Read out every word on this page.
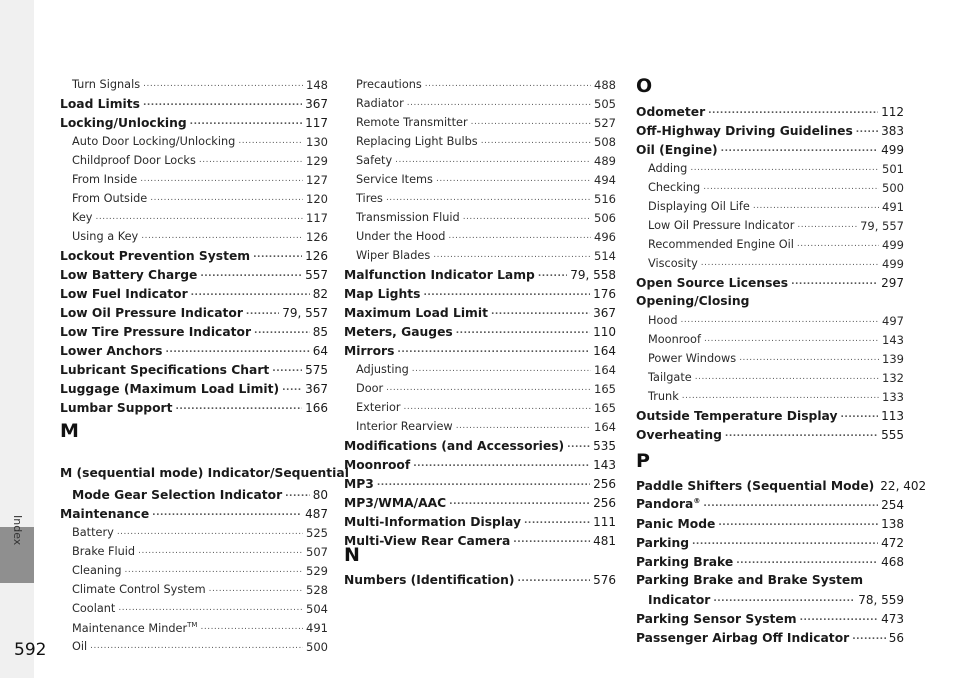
Index
592
Turn Signals .....	148
Load Limits .....	367
Locking/Unlocking .....	117
Auto Door Locking/Unlocking .....	130
Childproof Door Locks .....	129
From Inside .....	127
From Outside .....	120
Key .....	117
Using a Key .....	126
Lockout Prevention System .....	126
Low Battery Charge .....	557
Low Fuel Indicator .....	82
Low Oil Pressure Indicator .....	79, 557
Low Tire Pressure Indicator .....	85
Lower Anchors .....	64
Lubricant Specifications Chart .....	575
Luggage (Maximum Load Limit) ..... 367
Lumbar Support .....	166
M
M (sequential mode) Indicator/Sequential
Mode Gear Selection Indicator .....	80
Maintenance .....	487
Battery .....	525
Brake Fluid .....	507
Cleaning .....	529
Climate Control System .....	528
Coolant .....	504
Maintenance Minder™ .....	491
Oil .....	500
Precautions .....	488
Radiator .....	505
Remote Transmitter .....	527
Replacing Light Bulbs .....	508
Safety .....	489
Service Items .....	494
Tires .....	516
Transmission Fluid .....	506
Under the Hood .....	496
Wiper Blades .....	514
Malfunction Indicator Lamp .....	79, 558
Map Lights .....	176
Maximum Load Limit .....	367
Meters, Gauges .....	110
Mirrors .....	164
Adjusting .....	164
Door .....	165
Exterior .....	165
Interior Rearview .....	164
Modifications (and Accessories) ..... 535
Moonroof .....	143
MP3 .....	256
MP3/WMA/AAC .....	256
Multi-Information Display .....	111
Multi-View Rear Camera .....	481
N
Numbers (Identification) .....	576
O
Odometer .....	112
Off-Highway Driving Guidelines ..... 383
Oil (Engine) .....	499
Adding .....	501
Checking .....	500
Displaying Oil Life .....	491
Low Oil Pressure Indicator .....	79, 557
Recommended Engine Oil .....	499
Viscosity .....	499
Open Source Licenses .....	297
Opening/Closing
Hood .....	497
Moonroof .....	143
Power Windows .....	139
Tailgate .....	132
Trunk .....	133
Outside Temperature Display .....	113
Overheating .....	555
P
Paddle Shifters (Sequential Mode) 22, 402
Pandora® .....	254
Panic Mode .....	138
Parking .....	472
Parking Brake .....	468
Parking Brake and Brake System
Indicator .....	78, 559
Parking Sensor System .....	473
Passenger Airbag Off Indicator .....	56
